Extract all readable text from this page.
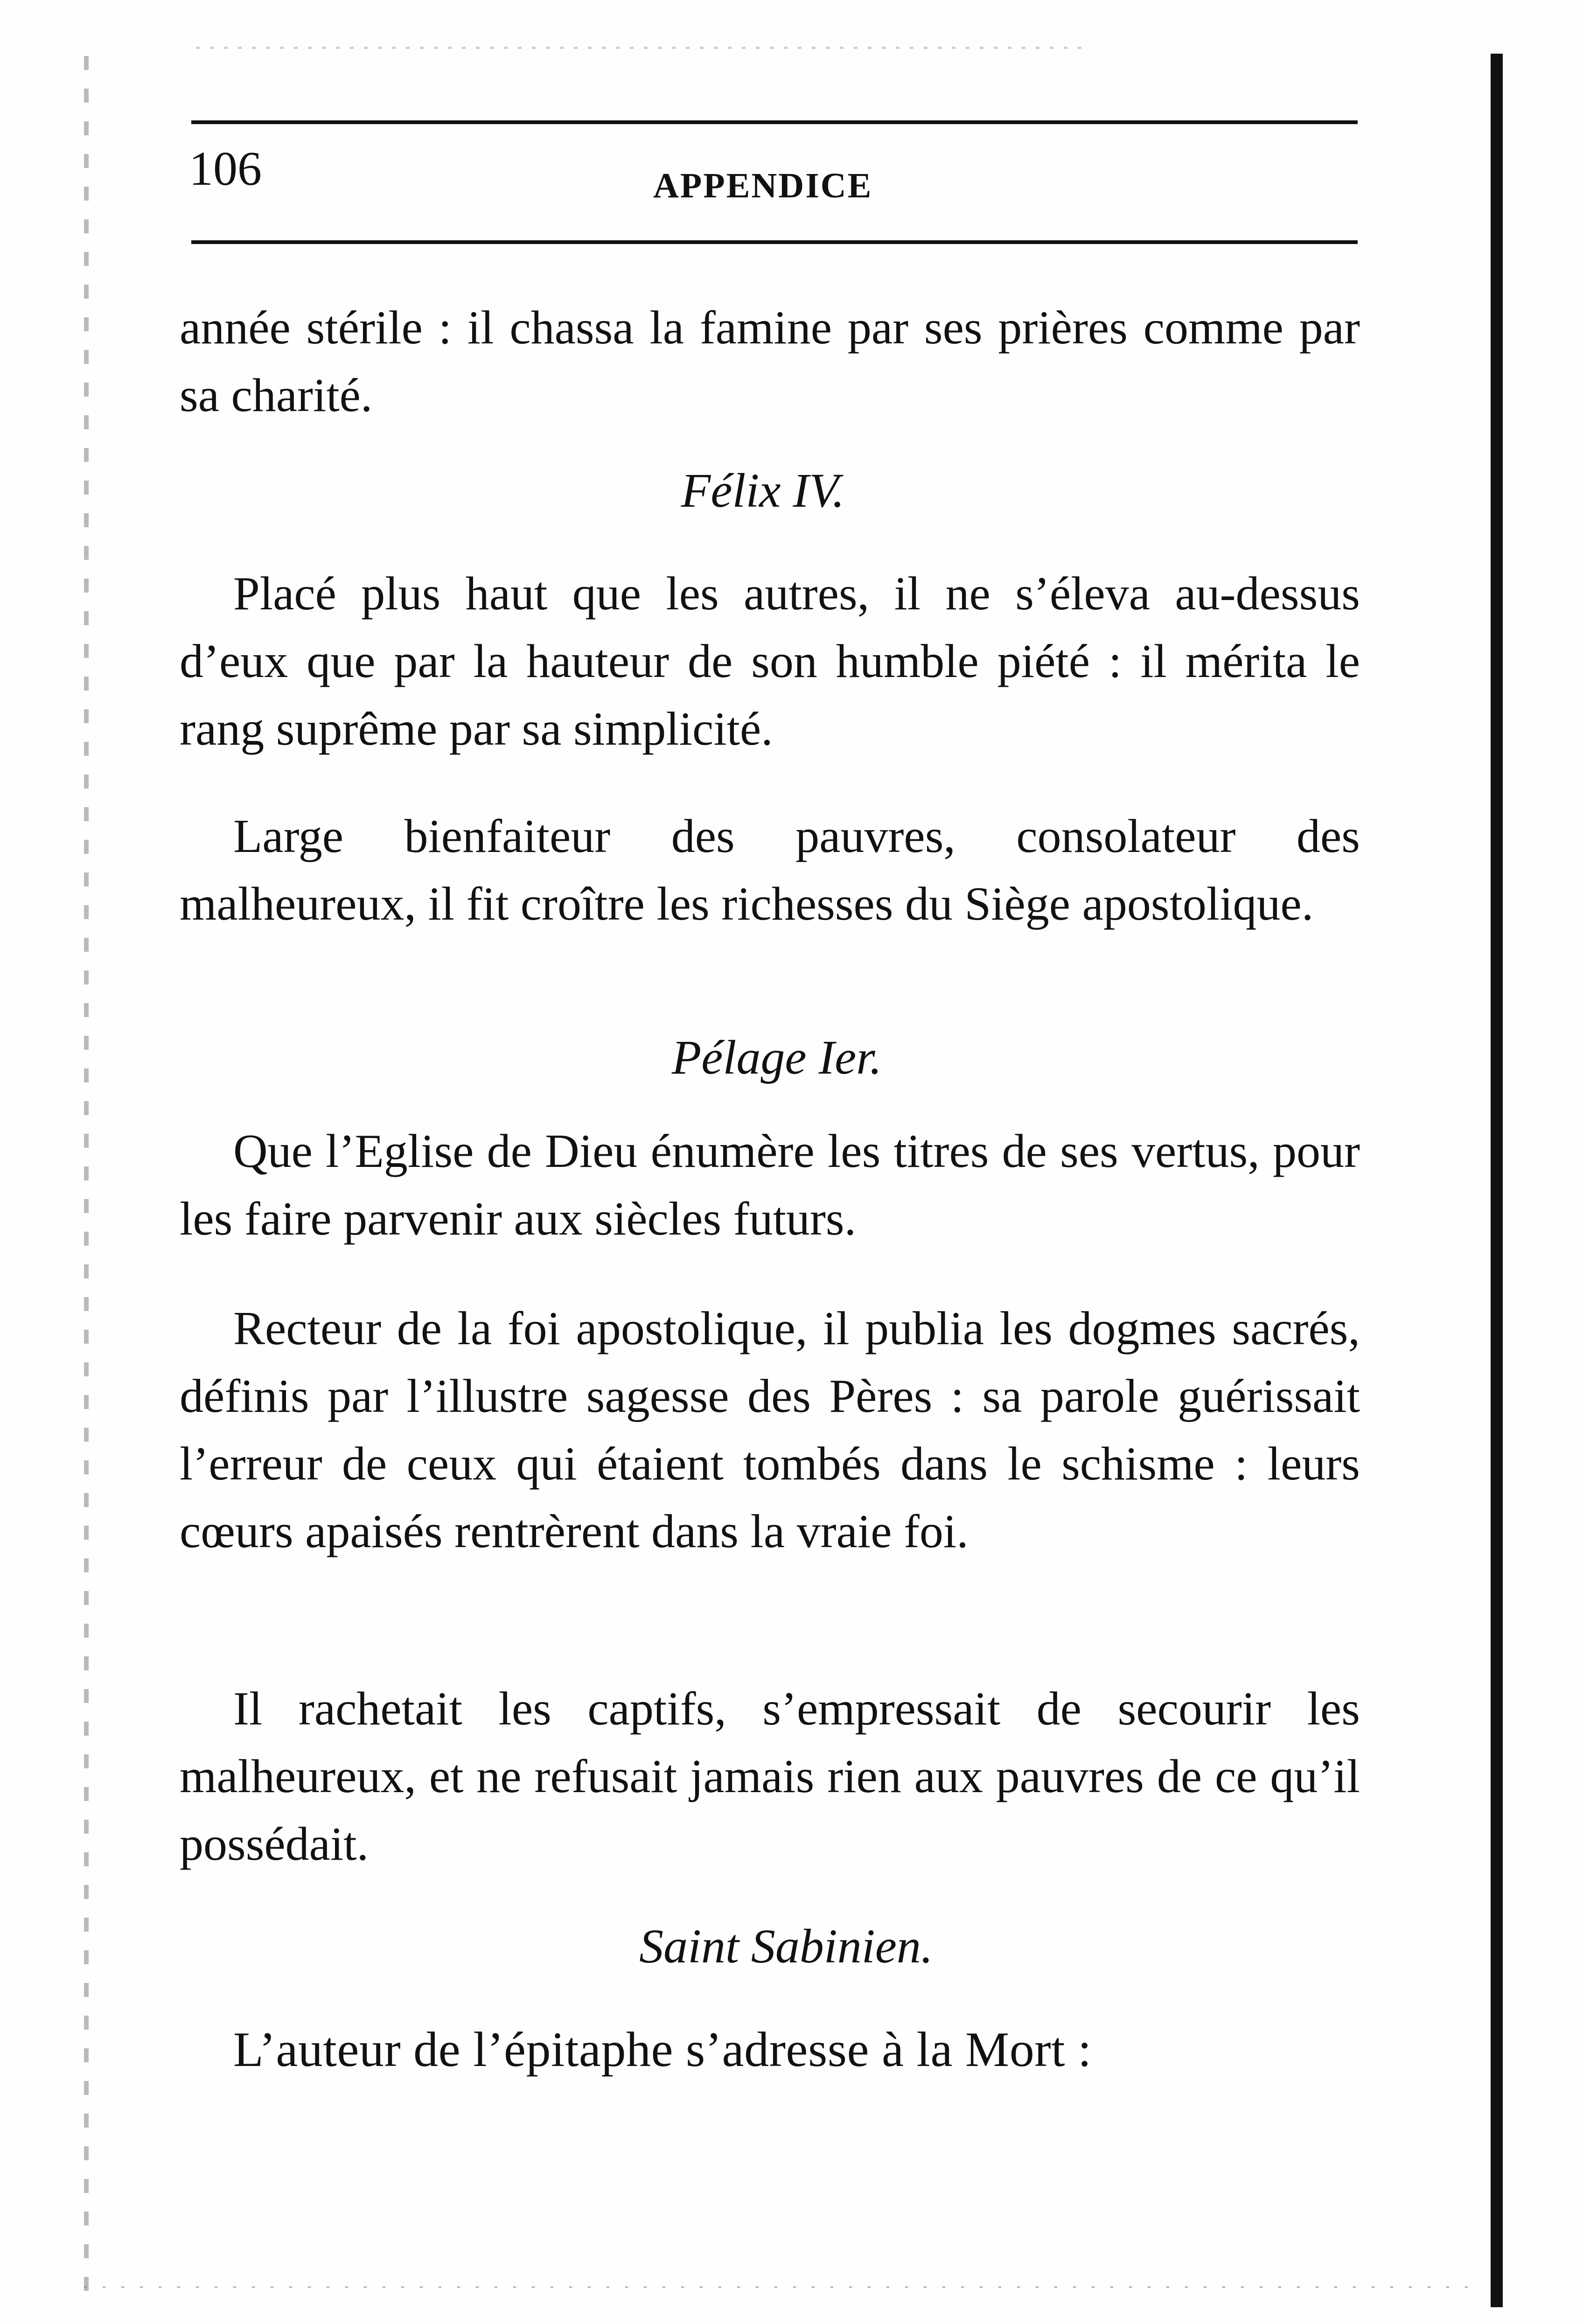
106	APPENDICE

année stérile : il chassa la famine par ses prières comme par sa charité.

Félix IV.

Placé plus haut que les autres, il ne s’éleva au-dessus d’eux que par la hauteur de son humble piété : il mérita le rang suprême par sa simplicité.

Large bienfaiteur des pauvres, consolateur des malheureux, il fit croître les richesses du Siège apostolique.

Pélage Ier.

Que l’Eglise de Dieu énumère les titres de ses vertus, pour les faire parvenir aux siècles futurs.

Recteur de la foi apostolique, il publia les dogmes sacrés, définis par l’illustre sagesse des Pères : sa parole guérissait l’erreur de ceux qui étaient tombés dans le schisme : leurs cœurs apaisés rentrèrent dans la vraie foi.

Il rachetait les captifs, s’empressait de secourir les malheureux, et ne refusait jamais rien aux pauvres de ce qu’il possédait.

Saint Sabinien.

L’auteur de l’épitaphe s’adresse à la Mort :
